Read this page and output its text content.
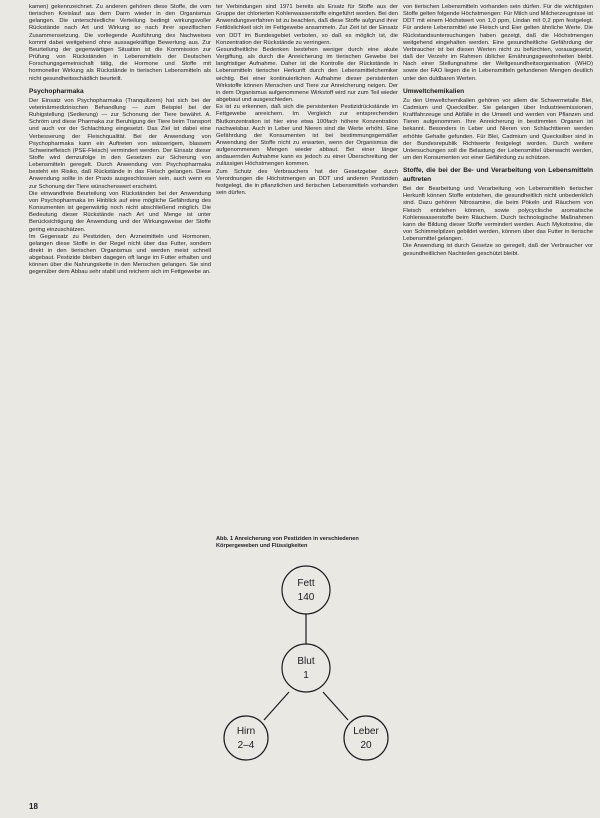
kamen) gekennzeichnet. Zu anderen gehören diese Stoffe, die vom tierischen Kreislauf aus dem Darm wieder in den Organismus gelangen. Die unterschiedliche Verteilung bedingt wirkungsvoller Rückstände nach Art und Wirkung so nach ihrer spezifischen Zusammensetzung. Die vorliegende Ausführung des Nachweises kommt dabei weitgehend ohne aussagekräftige Bewertung aus. Zur Beurteilung der gegenwärtigen Situation ist die Kommission zur Prüfung von Rückständen in Lebensmitteln der Deutschen Forschungsgemeinschaft tätig, die Hormone und Stoffe mit hormoneller Wirkung als Rückstände in tierischen Lebensmitteln als nicht gesundheitsschädlich beurteilt.

Psychopharmaka

Der Einsatz von Psychopharmaka (Tranquilizern) hat sich bei der veterinärmedizinischen Behandlung — zum Beispiel bei der Ruhigstellung (Sedierung) — zur Schonung der Tiere bewährt. A. Schröm und diese Pharmaka zur Beruhigung der Tiere beim Transport und auch vor der Schlachtung eingesetzt. Das Ziel ist dabei eine Verbesserung der Fleischqualität. Bei der Anwendung von Psychopharmaka kann ein Auftreten von wässerigem, blassem Schweinefleisch (PSE-Fleisch) vermindert werden. Der Einsatz dieser Stoffe wird demzufolge in den Gesetzen zur Sicherung von Lebensmitteln geregelt. Durch Anwendung von Psychopharmaka besteht ein Risiko, daß Rückstände in das Fleisch gelangen. Diese Anwendung sollte in der Praxis ausgeschlossen sein, auch wenn es zur Schonung der Tiere wünschenswert erscheint.

Die einwandfreie Beurteilung von Rückständen bei der Anwendung von Psychopharmaka im Hinblick auf eine mögliche Gefährdung des Konsumenten ist gegenwärtig noch nicht abschließend möglich. Die Bedeutung dieser Rückstände nach Art und Menge ist unter Berücksichtigung der Anwendung und der Wirkungsweise der Stoffe gering einzuschätzen.

Im Gegensatz zu Pestiziden, den Arzneimitteln und Hormonen, gelangen diese Stoffe in der Regel nicht über das Futter, sondern direkt in den tierischen Organismus und werden meist schnell abgebaut. Pestizide bleiben dagegen oft lange im Futter erhalten und können über die Nahrungskette in den Menschen gelangen. Sie sind gegenüber dem Abbau sehr stabil und reichern sich im Fettgewebe an.

ter Verbindungen sind 1971 bereits als Ersatz für Stoffe aus der Gruppe der chlorierten Kohlenwasserstoffe eingeführt worden. Bei den Anwendungsverfahren ist zu beachten, daß diese Stoffe aufgrund ihrer Fettlöslichkeit sich im Fettgewebe ansammeln. Zur Zeit ist der Einsatz von DDT im Bundesgebiet verboten, so daß es möglich ist, die Konzentration der Rückstände zu verringern.

Gesundheitliche Bedenken bestehen weniger durch eine akute Vergiftung, als durch die Anreicherung im tierischen Gewebe bei langfristiger Aufnahme. Daher ist die Kontrolle der Rückstände in Lebensmitteln tierischer Herkunft durch den Lebensmittelchemiker wichtig. Bei einer kontinuierlichen Aufnahme dieser persistenten Wirkstoffe können Menschen und Tiere zur Anreicherung neigen. Der in dem Organismus aufgenommene Wirkstoff wird nur zum Teil wieder abgebaut und ausgeschieden.

Es ist zu erkennen, daß sich die persistenten Pestizidrückstände im Fettgewebe anreichern. Im Vergleich zur entsprechenden Blutkonzentration ist hier eine etwa 100fach höhere Konzentration nachweisbar. Auch in Leber und Nieren sind die Werte erhöht. Eine Gefährdung der Konsumenten ist bei bestimmungsgemäßer Anwendung der Stoffe nicht zu erwarten, wenn der Organismus die aufgenommenen Mengen wieder abbaut. Bei einer länger andauernden Aufnahme kann es jedoch zu einer Überschreitung der zulässigen Höchstmengen kommen.

Zum Schutz des Verbrauchers hat der Gesetzgeber durch Verordnungen die Höchstmengen an DDT und anderen Pestiziden festgelegt, die in pflanzlichen und tierischen Lebensmitteln vorhanden sein dürfen.

Abb. 1 Anreicherung von Pestiziden in verschiedenen Körpergeweben und Flüssigkeiten
Fett
140
Blut
1
Hirn
2–4
Leber
20

von tierischen Lebensmitteln vorhanden sein dürfen. Für die wichtigsten Stoffe gelten folgende Höchstmengen: Für Milch und Milcherzeugnisse ist DDT mit einem Höchstwert von 1,0 ppm, Lindan mit 0,2 ppm festgelegt. Für andere Lebensmittel wie Fleisch und Eier gelten ähnliche Werte. Die Rückstandsuntersuchungen haben gezeigt, daß die Höchstmengen weitgehend eingehalten werden. Eine gesundheitliche Gefährdung der Verbraucher ist bei diesen Werten nicht zu befürchten, vorausgesetzt, daß der Verzehr im Rahmen üblicher Ernährungsgewohnheiten bleibt. Nach einer Stellungnahme der Weltgesundheitsorganisation (WHO) sowie der FAO liegen die in Lebensmitteln gefundenen Mengen deutlich unter den duldbaren Werten.

Umweltchemikalien

Zu den Umweltchemikalien gehören vor allem die Schwermetalle Blei, Cadmium und Quecksilber. Sie gelangen über Industrieemissionen, Kraftfahrzeuge und Abfälle in die Umwelt und werden von Pflanzen und Tieren aufgenommen. Ihre Anreicherung in bestimmten Organen ist bekannt. Besonders in Leber und Nieren von Schlachttieren werden erhöhte Gehalte gefunden. Für Blei, Cadmium und Quecksilber sind in der Bundesrepublik Richtwerte festgelegt worden. Durch weitere Untersuchungen soll die Belastung der Lebensmittel überwacht werden, um den Konsumenten vor einer Gefährdung zu schützen.

Stoffe, die bei der Be- und Verarbeitung von Lebensmitteln auftreten

Bei der Bearbeitung und Verarbeitung von Lebensmitteln tierischer Herkunft können Stoffe entstehen, die gesundheitlich nicht unbedenklich sind. Dazu gehören Nitrosamine, die beim Pökeln und Räuchern von Fleisch entstehen können, sowie polycyclische aromatische Kohlenwasserstoffe beim Räuchern. Durch technologische Maßnahmen kann die Bildung dieser Stoffe vermindert werden. Auch Mykotoxine, die von Schimmelpilzen gebildet werden, können über das Futter in tierische Lebensmittel gelangen.

Die Anwendung ist durch Gesetze so geregelt, daß der Verbraucher vor gesundheitlichen Nachteilen geschützt bleibt.

18
